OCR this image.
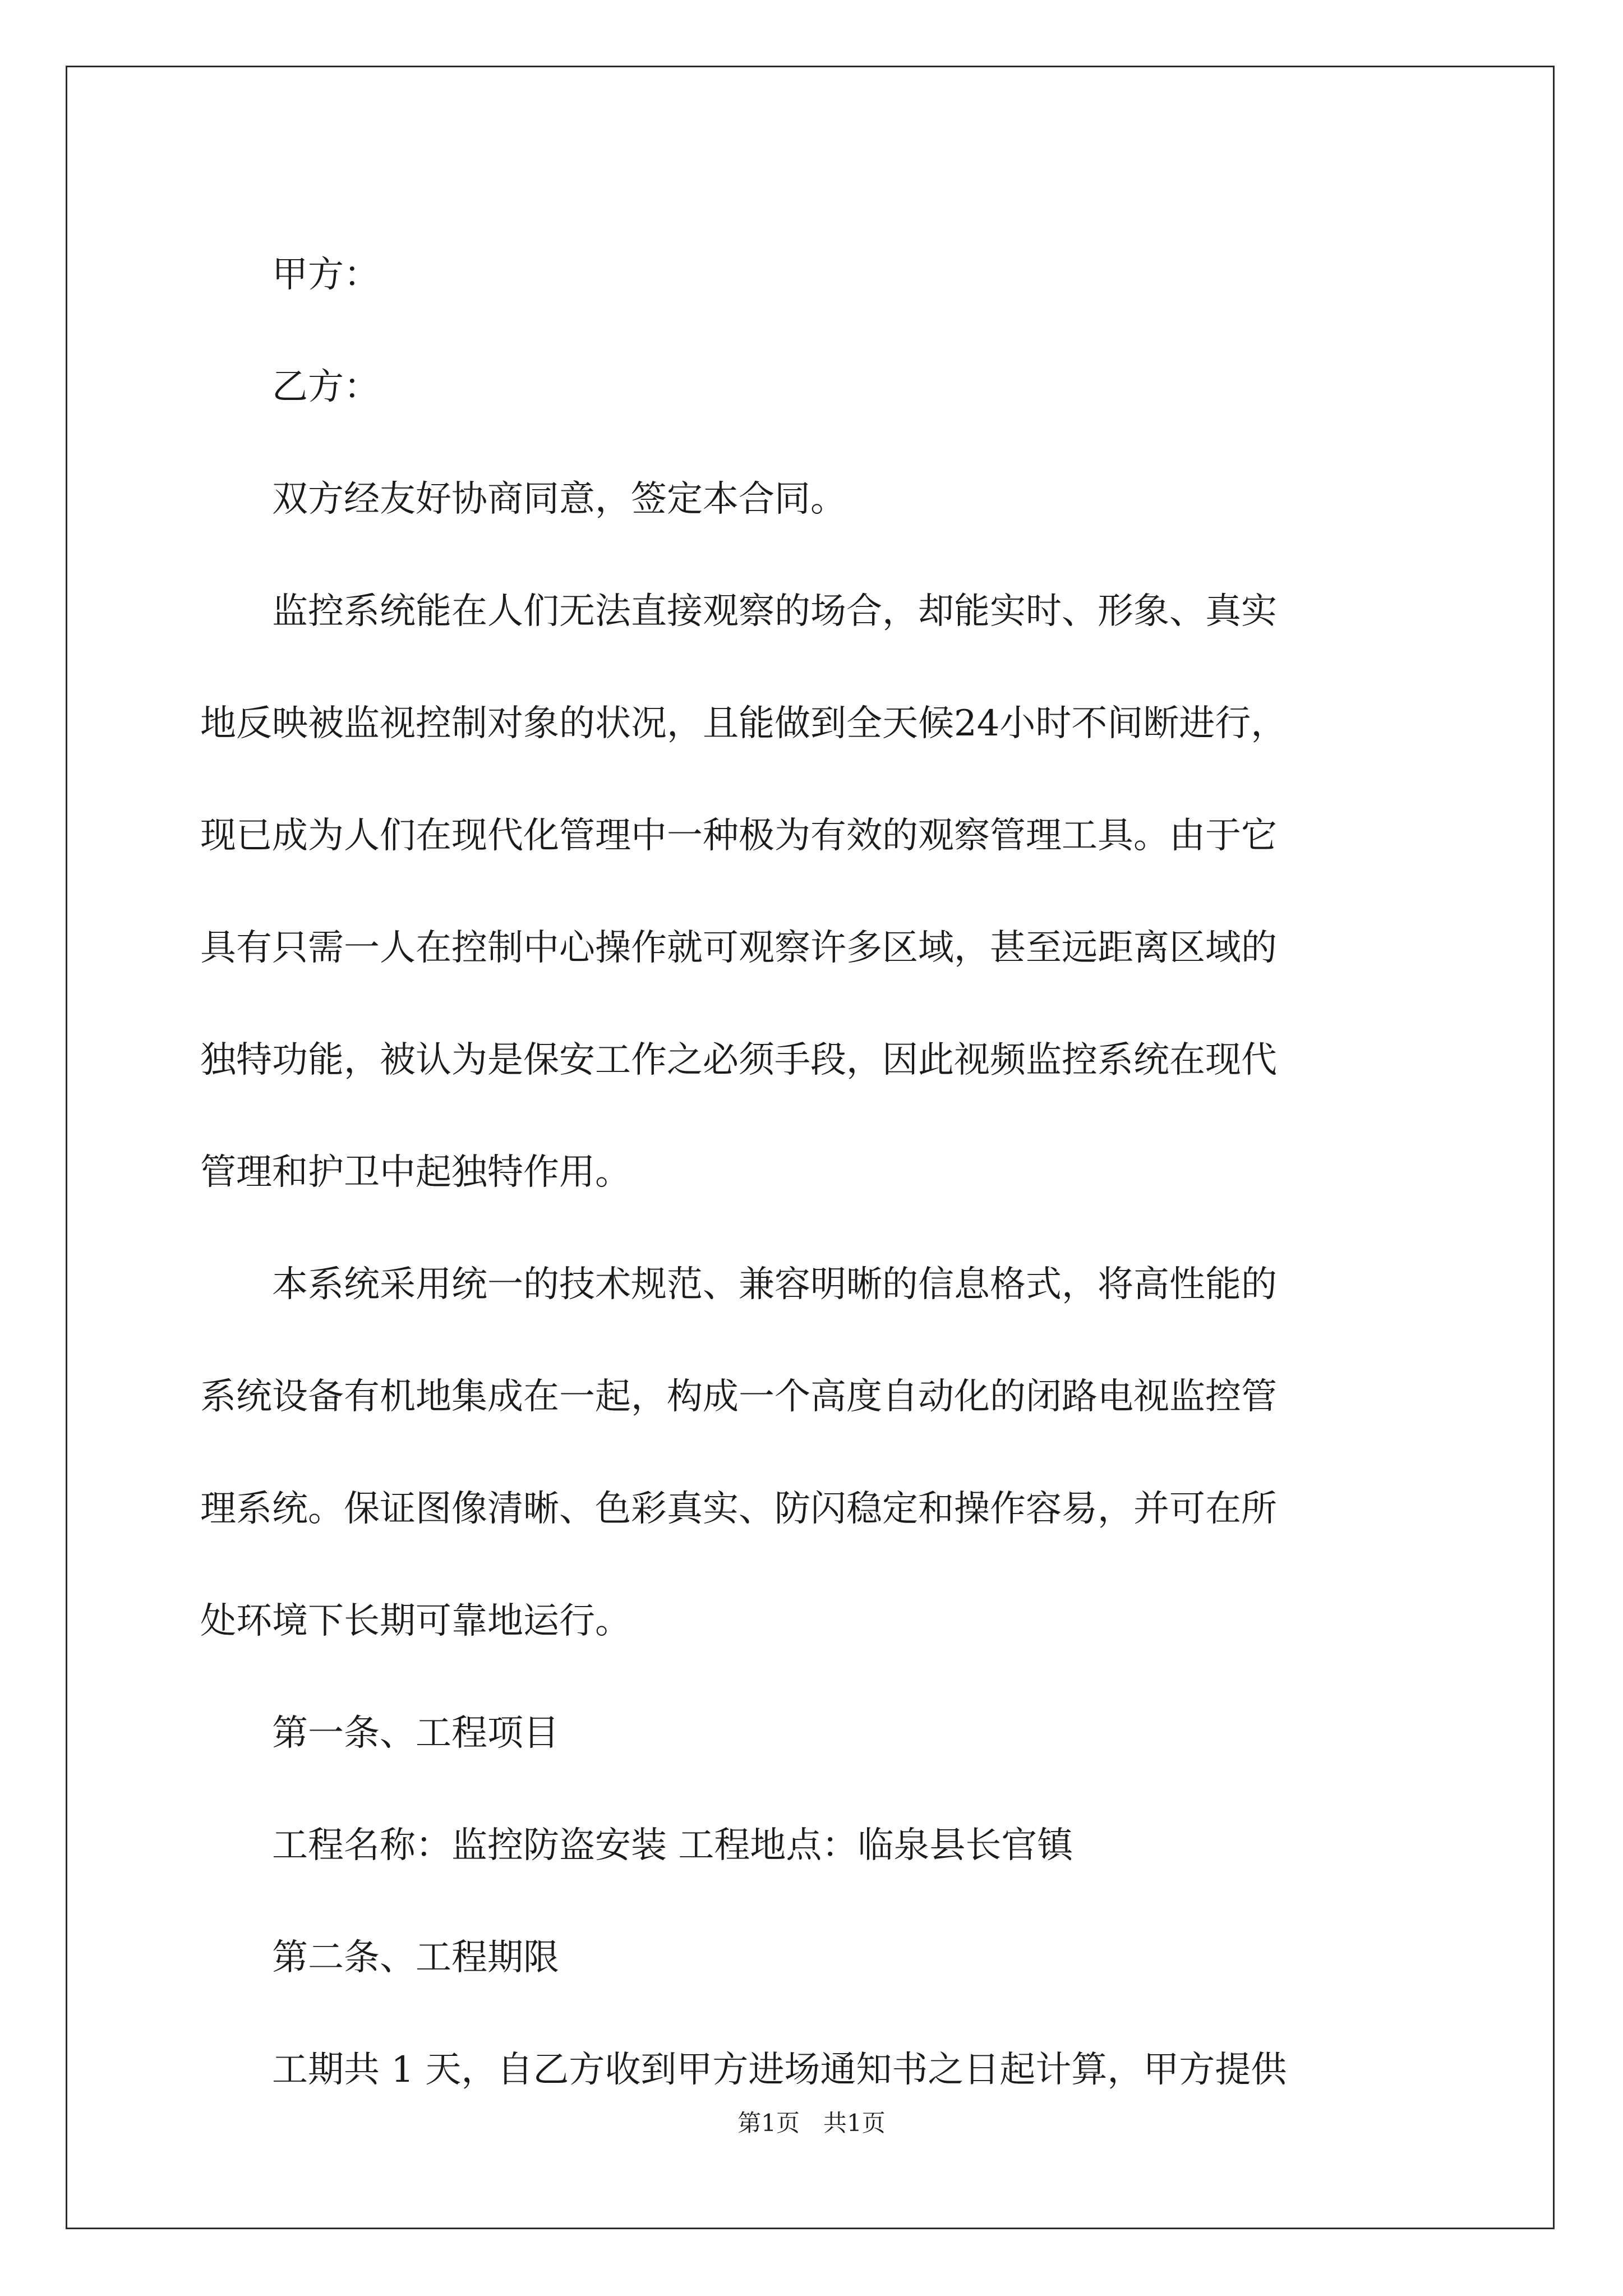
　　甲方：

　　乙方：

　　双方经友好协商同意，签定本合同。

　　监控系统能在人们无法直接观察的场合，却能实时、形象、真实

地反映被监视控制对象的状况，且能做到全天候24小时不间断进行，

现已成为人们在现代化管理中一种极为有效的观察管理工具。由于它

具有只需一人在控制中心操作就可观察许多区域，甚至远距离区域的

独特功能，被认为是保安工作之必须手段，因此视频监控系统在现代

管理和护卫中起独特作用。

　　本系统采用统一的技术规范、兼容明晰的信息格式，将高性能的

系统设备有机地集成在一起，构成一个高度自动化的闭路电视监控管

理系统。保证图像清晰、色彩真实、防闪稳定和操作容易，并可在所

处环境下长期可靠地运行。

　　第一条、工程项目

　　工程名称：监控防盗安装 工程地点：临泉县长官镇

　　第二条、工程期限

　　工期共 1 天，自乙方收到甲方进场通知书之日起计算，甲方提供

第1页　共1页
